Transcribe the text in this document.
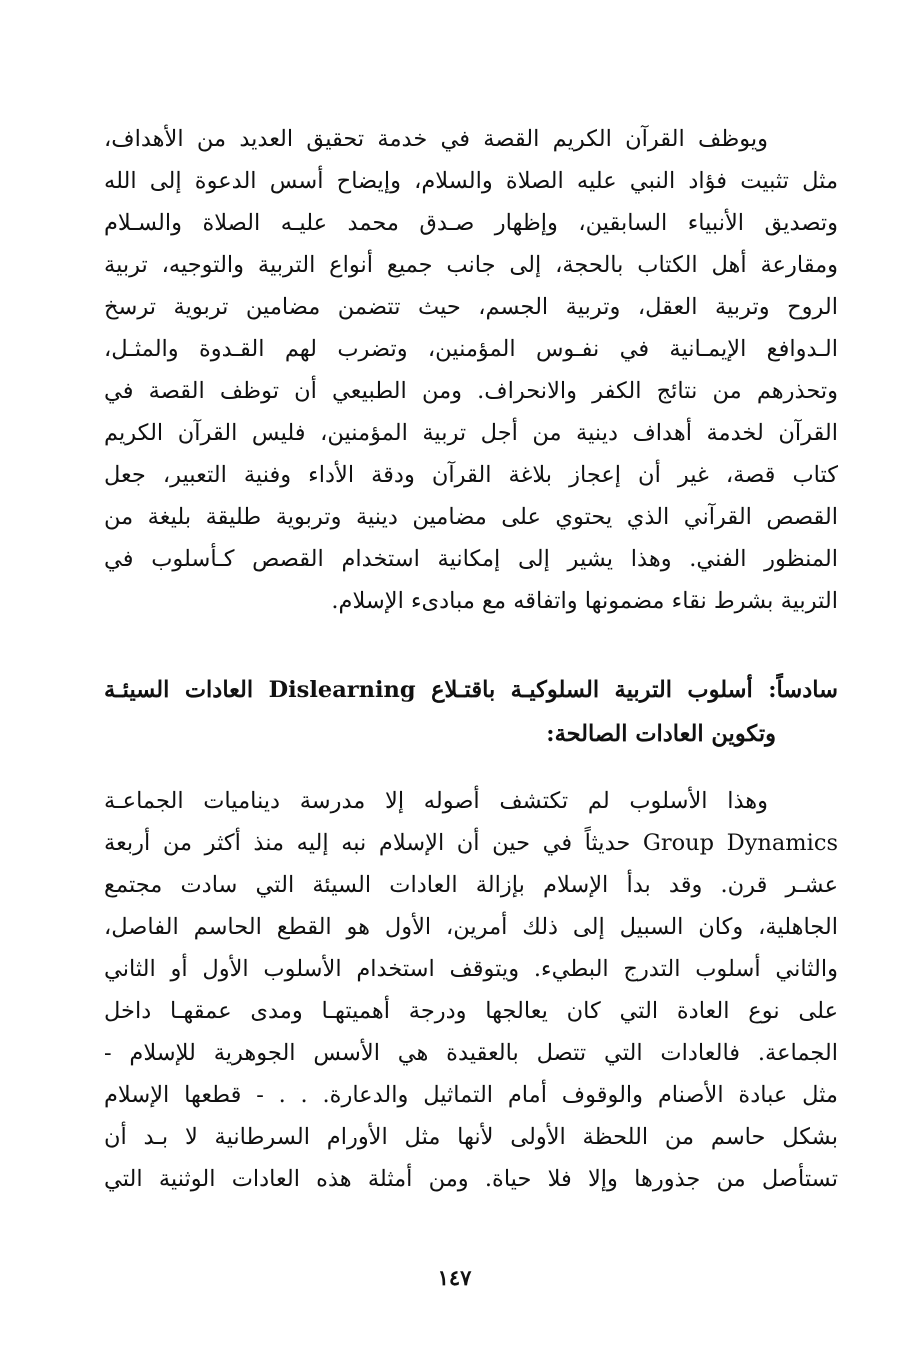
ويوظف القرآن الكريم القصة في خدمة تحقيق العديد من الأهداف،
مثل تثبيت فؤاد النبي عليه الصلاة والسلام، وإيضاح أسس الدعوة إلى الله
وتصديق الأنبياء السابقين، وإظهار صـدق محمد عليـه الصلاة والسـلام
ومقارعة أهل الكتاب بالحجة، إلى جانب جميع أنواع التربية والتوجيه، تربية
الروح وتربية العقل، وتربية الجسم، حيث تتضمن مضامين تربوية ترسخ
الـدوافع الإيمـانية في نفـوس المؤمنين، وتضرب لهم القـدوة والمثـل،
وتحذرهم من نتائج الكفر والانحراف. ومن الطبيعي أن توظف القصة في
القرآن لخدمة أهداف دينية من أجل تربية المؤمنين، فليس القرآن الكريم
كتاب قصة، غير أن إعجاز بلاغة القرآن ودقة الأداء وفنية التعبير، جعل
القصص القرآني الذي يحتوي على مضامين دينية وتربوية طليقة بليغة من
المنظور الفني. وهذا يشير إلى إمكانية استخدام القصص كـأسلوب في
التربية بشرط نقاء مضمونها واتفاقه مع مبادىء الإسلام.
سادساً: أسلوب التربية السلوكيـة باقتـلاع Dislearning العادات السيئـة
وتكوين العادات الصالحة:
وهذا الأسلوب لم تكتشف أصوله إلا مدرسة ديناميات الجماعـة
Group Dynamics حديثاً في حين أن الإسلام نبه إليه منذ أكثر من أربعة
عشـر قرن. وقد بدأ الإسلام بإزالة العادات السيئة التي سادت مجتمع
الجاهلية، وكان السبيل إلى ذلك أمرين، الأول هو القطع الحاسم الفاصل،
والثاني أسلوب التدرج البطيء. ويتوقف استخدام الأسلوب الأول أو الثاني
على نوع العادة التي كان يعالجها ودرجة أهميتهـا ومدى عمقهـا داخل
الجماعة. فالعادات التي تتصل بالعقيدة هي الأسس الجوهرية للإسلام -
مثل عبادة الأصنام والوقوف أمام التماثيل والدعارة. . . - قطعها الإسلام
بشكل حاسم من اللحظة الأولى لأنها مثل الأورام السرطانية لا بـد أن
تستأصل من جذورها وإلا فلا حياة. ومن أمثلة هذه العادات الوثنية التي
١٤٧
